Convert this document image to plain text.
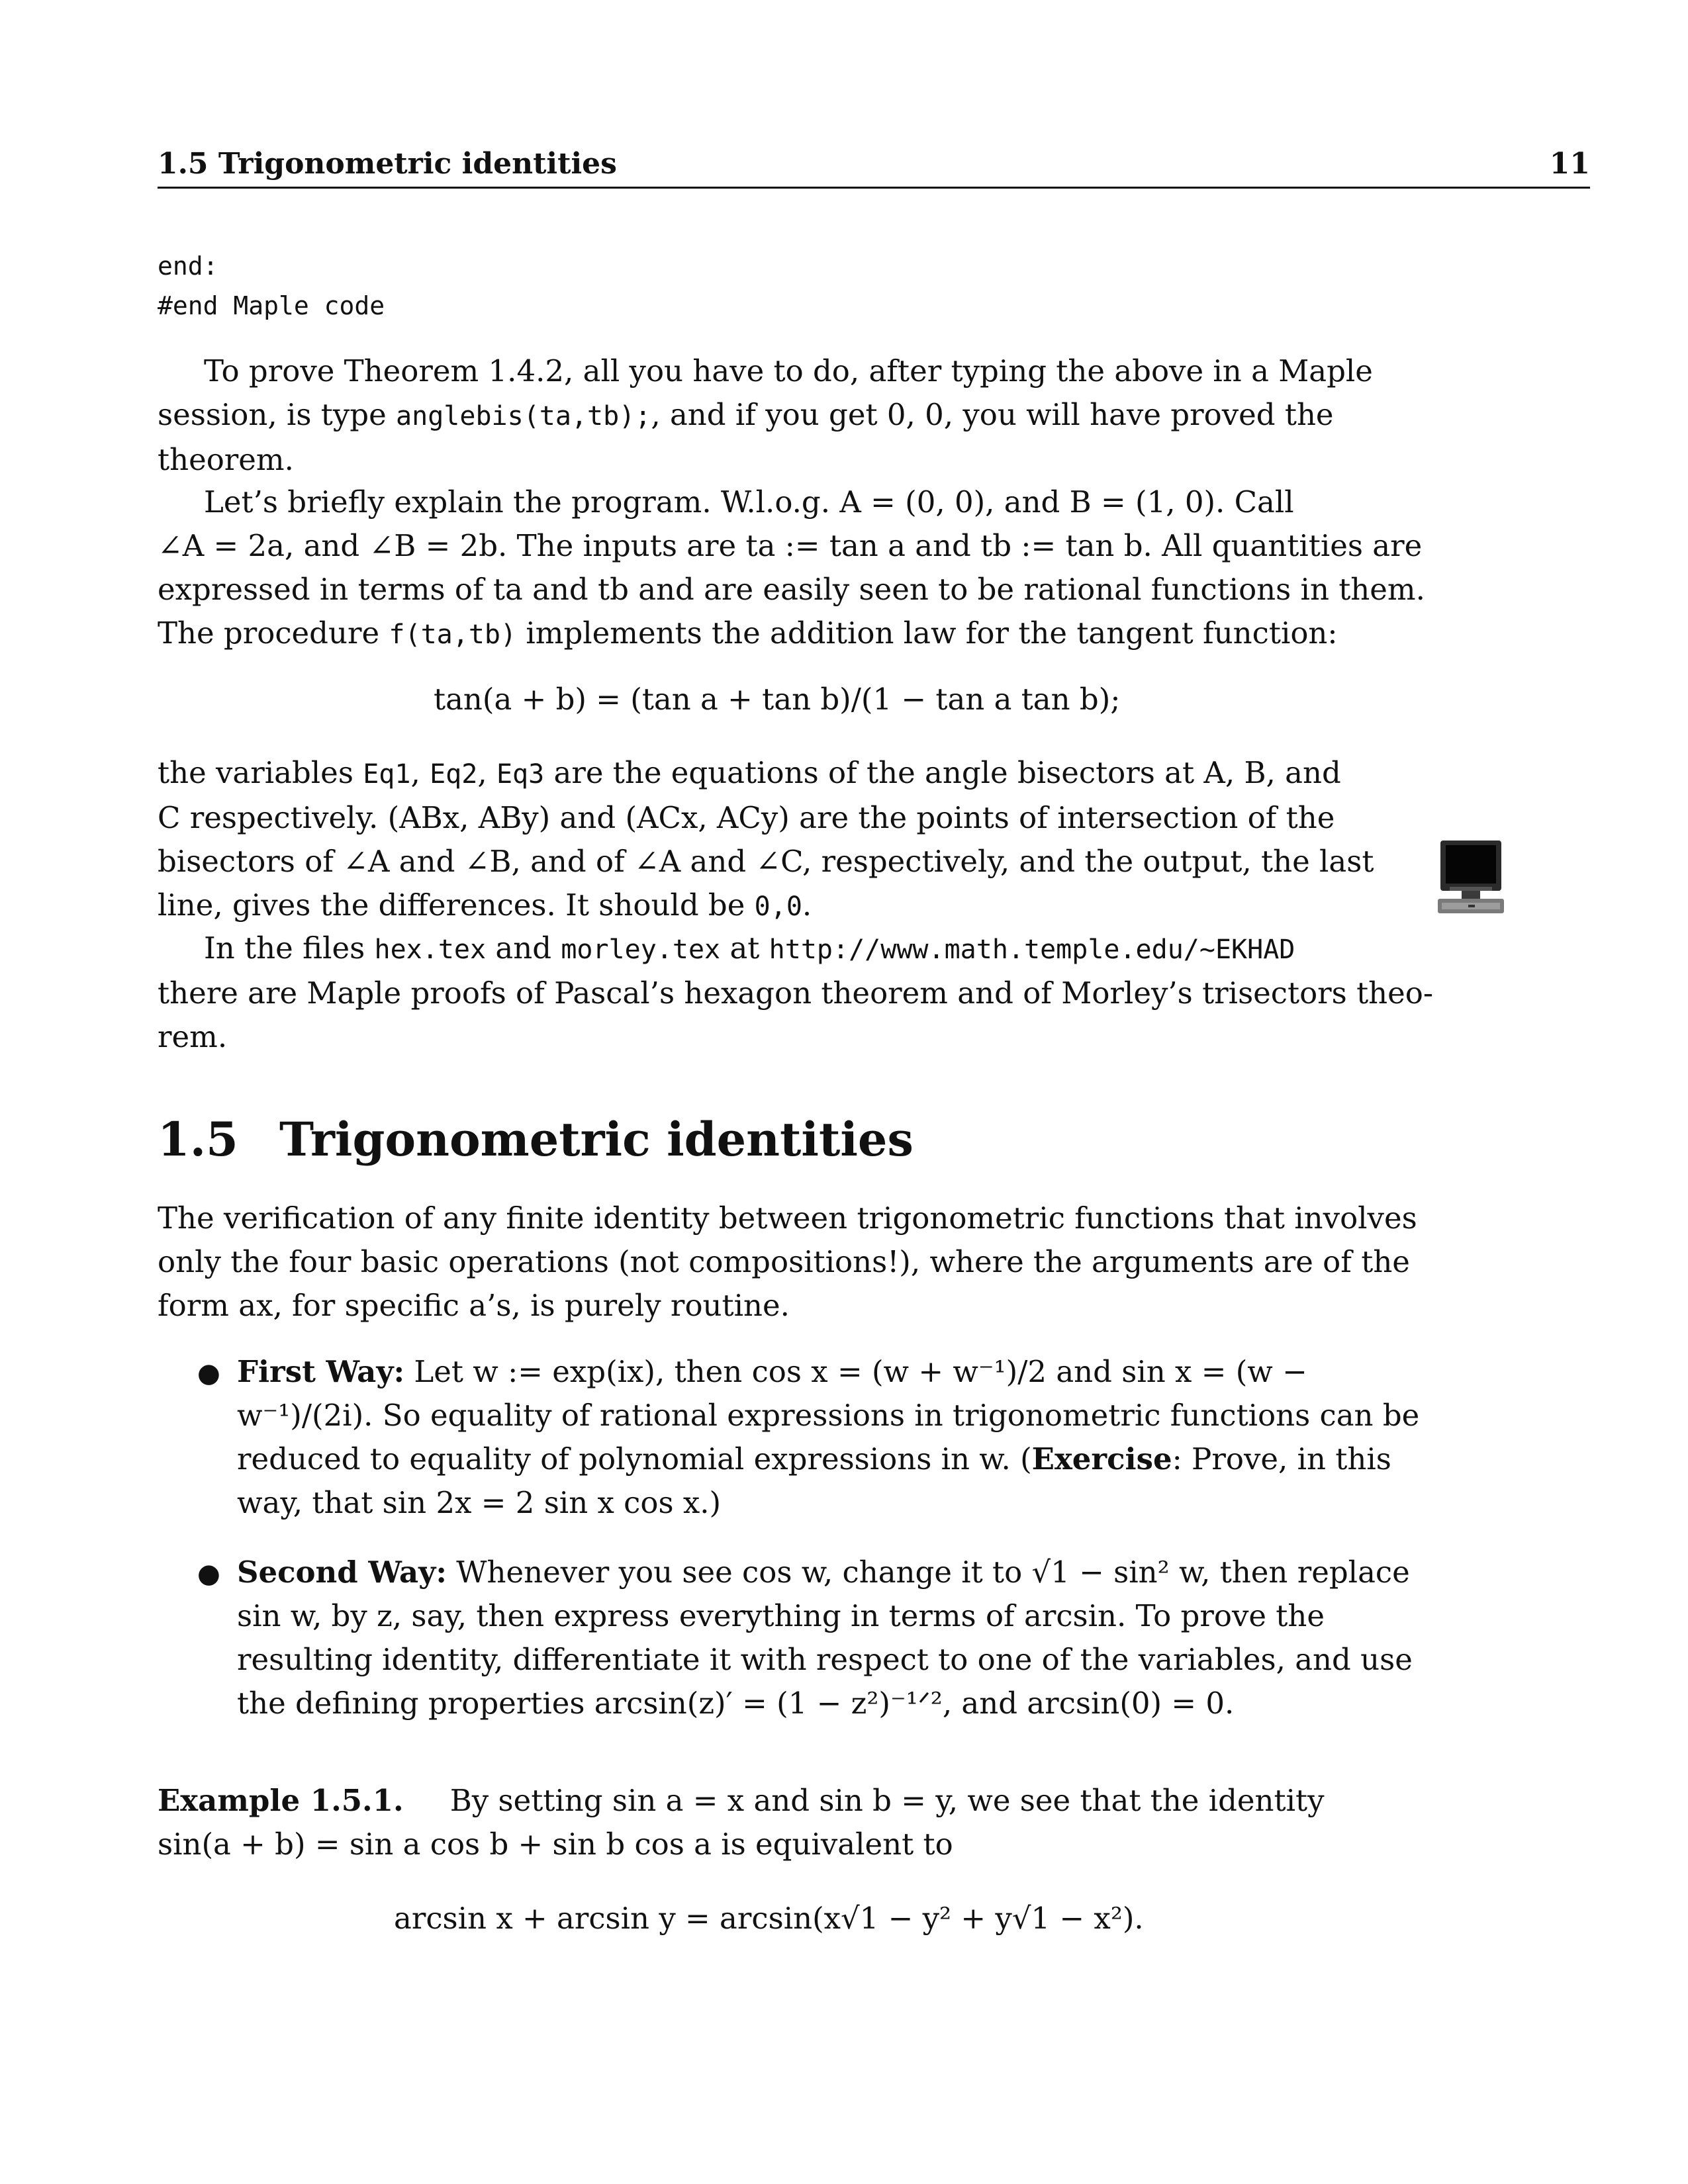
1.5 Trigonometric identities	11
end:
#end Maple code
To prove Theorem 1.4.2, all you have to do, after typing the above in a Maple
session, is type anglebis(ta,tb);, and if you get 0, 0, you will have proved the
theorem.
Let’s briefly explain the program. W.l.o.g. A = (0, 0), and B = (1, 0). Call
∠A = 2a, and ∠B = 2b. The inputs are ta := tan a and tb := tan b. All quantities are
expressed in terms of ta and tb and are easily seen to be rational functions in them.
The procedure f(ta,tb) implements the addition law for the tangent function:
tan(a + b) = (tan a + tan b)/(1 − tan a tan b);
the variables Eq1, Eq2, Eq3 are the equations of the angle bisectors at A, B, and
C respectively. (ABx, ABy) and (ACx, ACy) are the points of intersection of the
bisectors of ∠A and ∠B, and of ∠A and ∠C, respectively, and the output, the last
line, gives the differences. It should be 0,0.
In the files hex.tex and morley.tex at http://www.math.temple.edu/~EKHAD
there are Maple proofs of Pascal’s hexagon theorem and of Morley’s trisectors theo-
rem.
1.5 Trigonometric identities
The verification of any finite identity between trigonometric functions that involves
only the four basic operations (not compositions!), where the arguments are of the
form ax, for specific a’s, is purely routine.
● First Way: Let w := exp(ix), then cos x = (w + w⁻¹)/2 and sin x = (w −
w⁻¹)/(2i). So equality of rational expressions in trigonometric functions can be
reduced to equality of polynomial expressions in w. (Exercise: Prove, in this
way, that sin 2x = 2 sin x cos x.)
● Second Way: Whenever you see cos w, change it to √1 − sin² w, then replace
sin w, by z, say, then express everything in terms of arcsin. To prove the
resulting identity, differentiate it with respect to one of the variables, and use
the defining properties arcsin(z)′ = (1 − z²)⁻¹ᐟ², and arcsin(0) = 0.
Example 1.5.1. By setting sin a = x and sin b = y, we see that the identity
sin(a + b) = sin a cos b + sin b cos a is equivalent to
arcsin x + arcsin y = arcsin(x√1 − y² + y√1 − x²).
